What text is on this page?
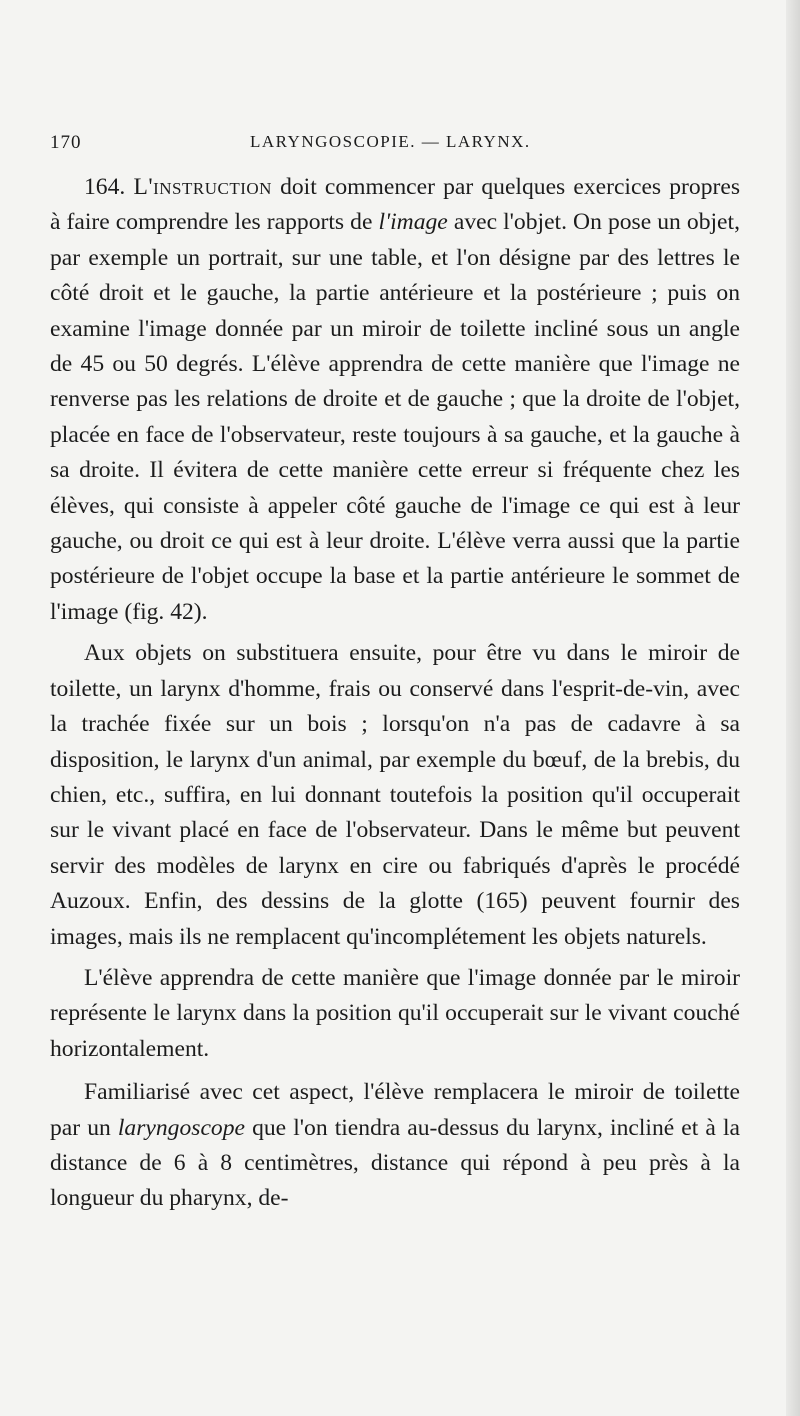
170	LARYNGOSCOPIE. — LARYNX.

164. L'instruction doit commencer par quelques exercices propres à faire comprendre les rapports de l'image avec l'objet. On pose un objet, par exemple un portrait, sur une table, et l'on désigne par des lettres le côté droit et le gauche, la partie antérieure et la postérieure ; puis on examine l'image donnée par un miroir de toilette incliné sous un angle de 45 ou 50 degrés. L'élève apprendra de cette manière que l'image ne renverse pas les relations de droite et de gauche ; que la droite de l'objet, placée en face de l'observateur, reste toujours à sa gauche, et la gauche à sa droite. Il évitera de cette manière cette erreur si fréquente chez les élèves, qui consiste à appeler côté gauche de l'image ce qui est à leur gauche, ou droit ce qui est à leur droite. L'élève verra aussi que la partie postérieure de l'objet occupe la base et la partie antérieure le sommet de l'image (fig. 42).

Aux objets on substituera ensuite, pour être vu dans le miroir de toilette, un larynx d'homme, frais ou conservé dans l'esprit-de-vin, avec la trachée fixée sur un bois ; lorsqu'on n'a pas de cadavre à sa disposition, le larynx d'un animal, par exemple du bœuf, de la brebis, du chien, etc., suffira, en lui donnant toutefois la position qu'il occuperait sur le vivant placé en face de l'observateur. Dans le même but peuvent servir des modèles de larynx en cire ou fabriqués d'après le procédé Auzoux. Enfin, des dessins de la glotte (165) peuvent fournir des images, mais ils ne remplacent qu'incomplétement les objets naturels.

L'élève apprendra de cette manière que l'image donnée par le miroir représente le larynx dans la position qu'il occuperait sur le vivant couché horizontalement.

Familiarisé avec cet aspect, l'élève remplacera le miroir de toilette par un laryngoscope que l'on tiendra au-dessus du larynx, incliné et à la distance de 6 à 8 centimètres, distance qui répond à peu près à la longueur du pharynx, de-
